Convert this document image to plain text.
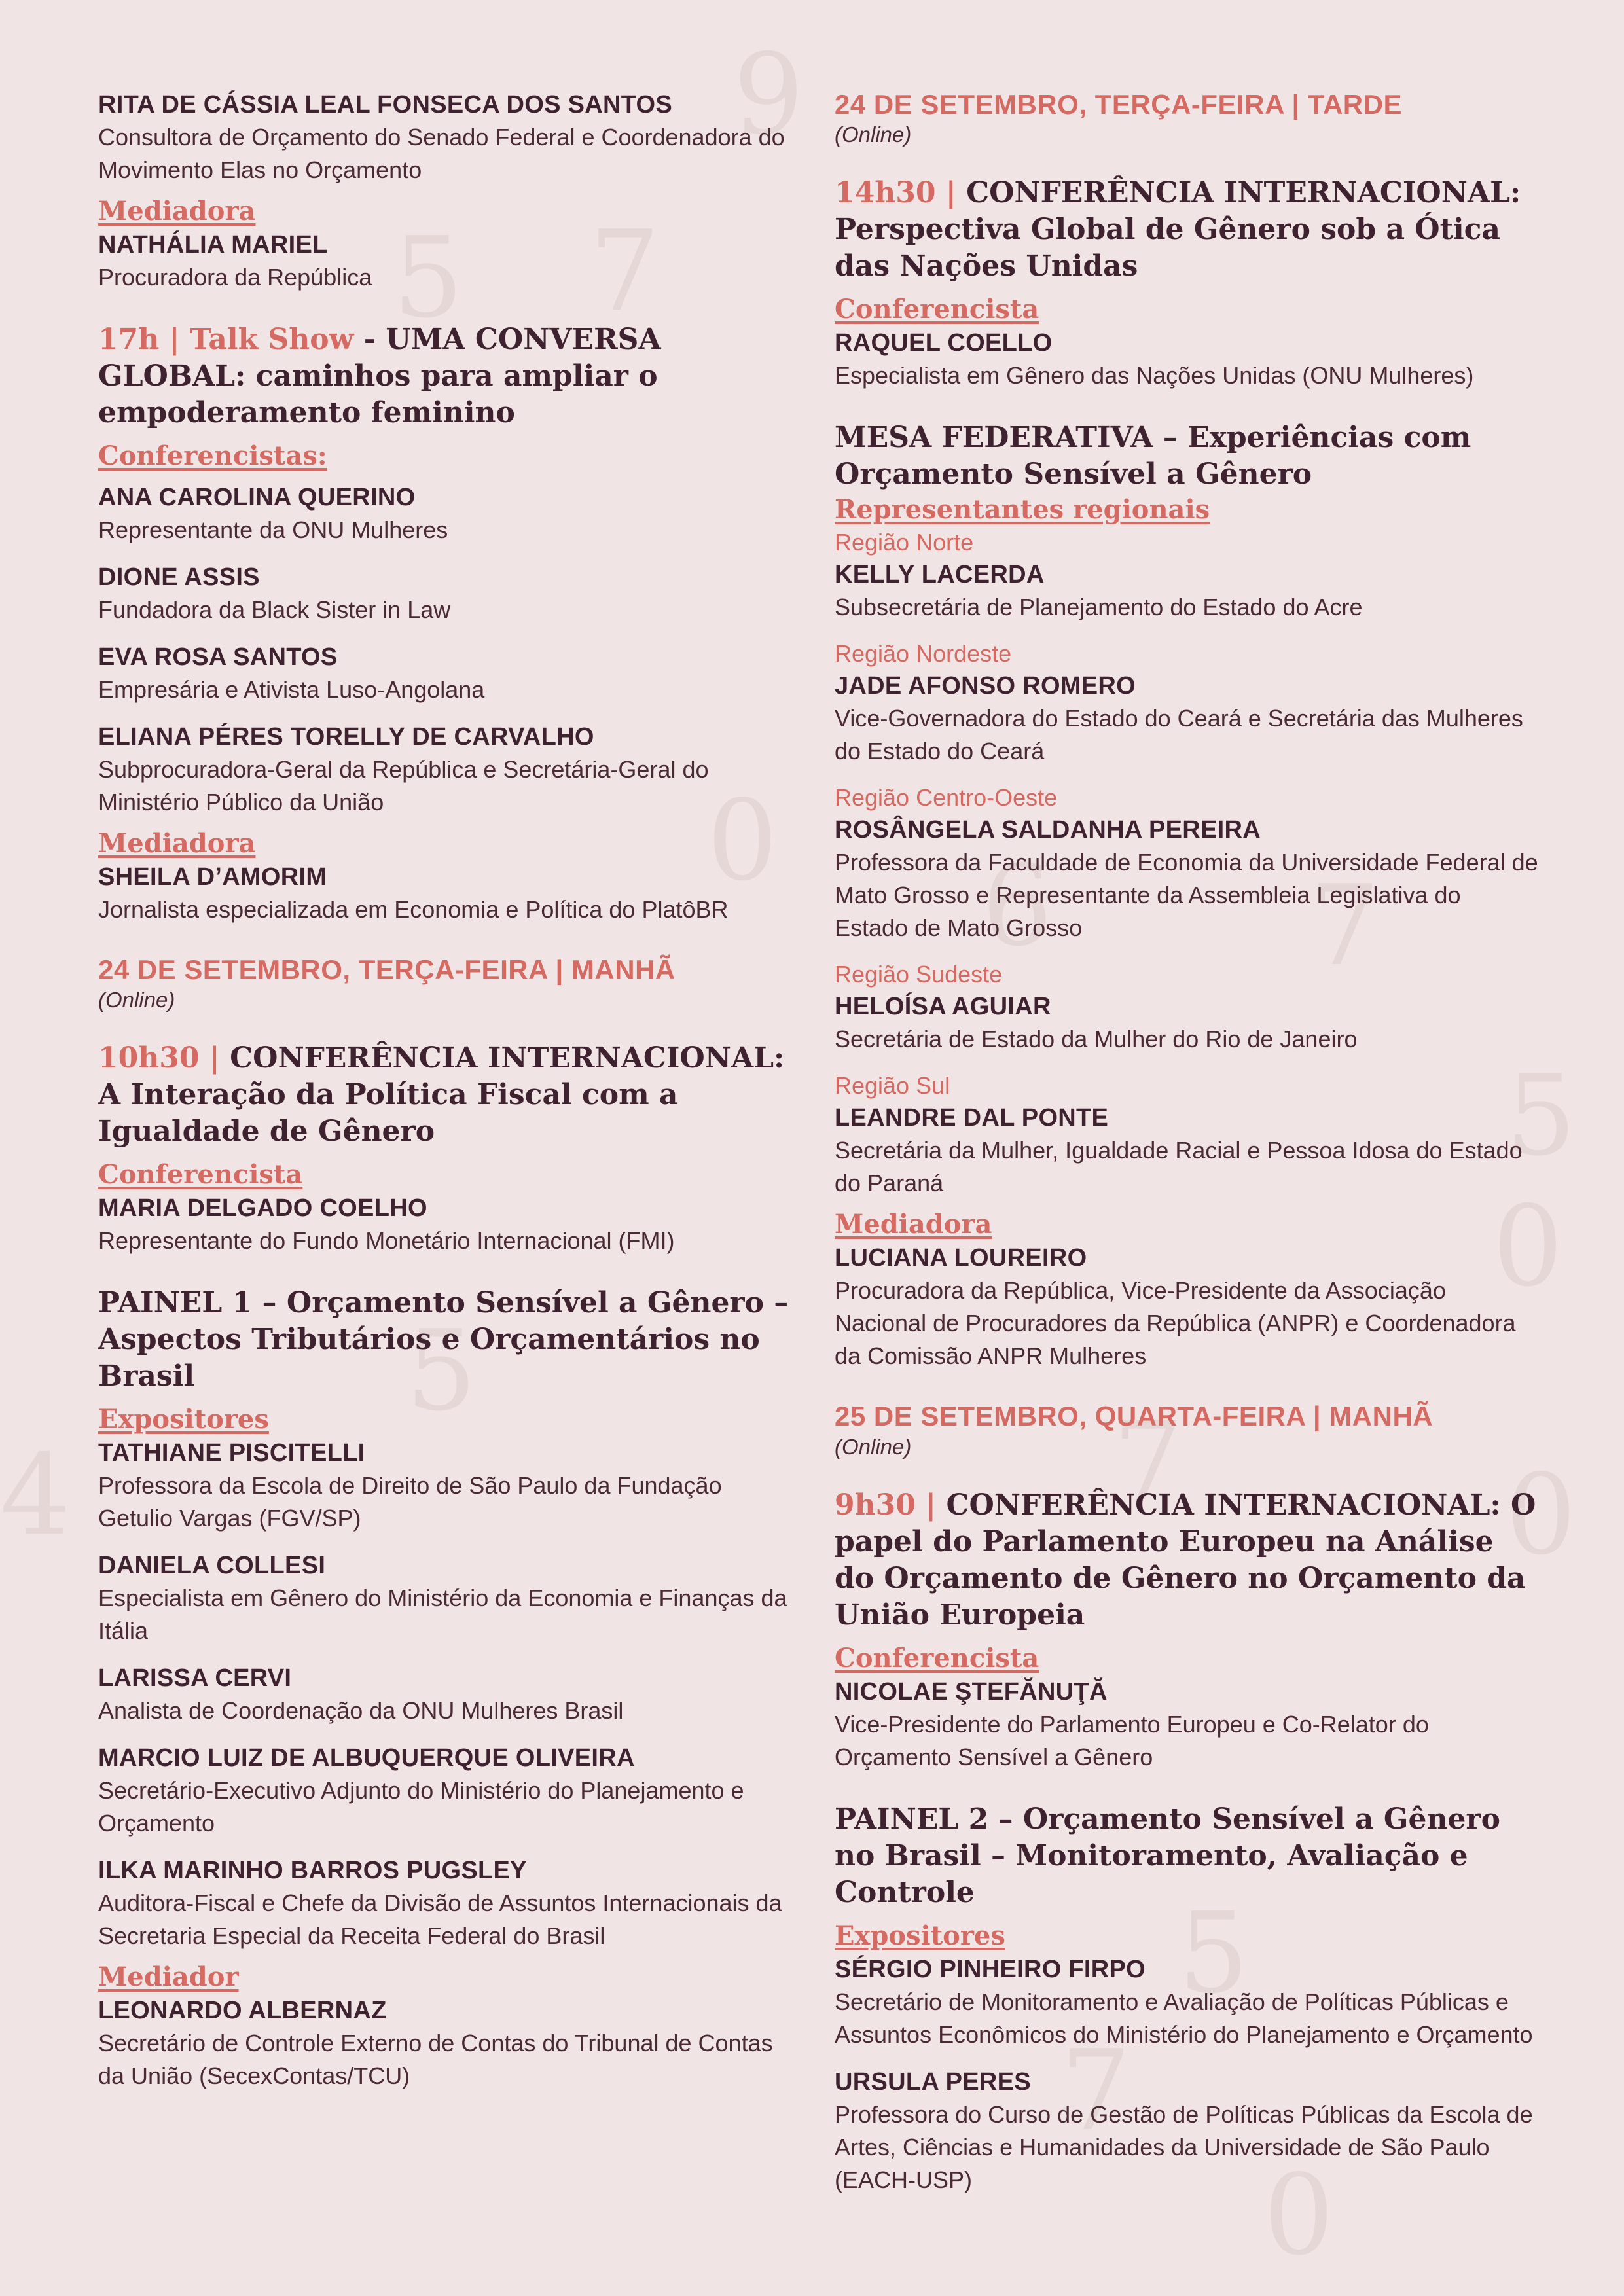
9
5 7
0
6 7
5
0
5
7	0
5
7
0
4

RITA DE CÁSSIA LEAL FONSECA DOS SANTOS

Consultora de Orçamento do Senado Federal e Coordenadora do Movimento Elas no Orçamento

Mediadora

NATHÁLIA MARIEL

Procuradora da República

17h | Talk Show - UMA CONVERSA GLOBAL: caminhos para ampliar o empoderamento feminino

Conferencistas:

ANA CAROLINA QUERINO

Representante da ONU Mulheres

DIONE ASSIS

Fundadora da Black Sister in Law

EVA ROSA SANTOS

Empresária e Ativista Luso-Angolana

ELIANA PÉRES TORELLY DE CARVALHO

Subprocuradora-Geral da República e Secretária-Geral do Ministério Público da União

Mediadora

SHEILA D’AMORIM

Jornalista especializada em Economia e Política do PlatôBR

24 DE SETEMBRO, TERÇA-FEIRA | MANHÃ

(Online)

10h30 | CONFERÊNCIA INTERNACIONAL: A Interação da Política Fiscal com a Igualdade de Gênero

Conferencista

MARIA DELGADO COELHO

Representante do Fundo Monetário Internacional (FMI)

PAINEL 1 – Orçamento Sensível a Gênero – Aspectos Tributários e Orçamentários no Brasil

Expositores

TATHIANE PISCITELLI

Professora da Escola de Direito de São Paulo da Fundação Getulio Vargas (FGV/SP)

DANIELA COLLESI

Especialista em Gênero do Ministério da Economia e Finanças da Itália

LARISSA CERVI

Analista de Coordenação da ONU Mulheres Brasil

MARCIO LUIZ DE ALBUQUERQUE OLIVEIRA

Secretário-Executivo Adjunto do Ministério do Planejamento e Orçamento

ILKA MARINHO BARROS PUGSLEY

Auditora-Fiscal e Chefe da Divisão de Assuntos Internacionais da Secretaria Especial da Receita Federal do Brasil

Mediador

LEONARDO ALBERNAZ

Secretário de Controle Externo de Contas do Tribunal de Contas da União (SecexContas/TCU)

24 DE SETEMBRO, TERÇA-FEIRA | TARDE

(Online)

14h30 | CONFERÊNCIA INTERNACIONAL: Perspectiva Global de Gênero sob a Ótica das Nações Unidas

Conferencista

RAQUEL COELLO

Especialista em Gênero das Nações Unidas (ONU Mulheres)

MESA FEDERATIVA – Experiências com Orçamento Sensível a Gênero

Representantes regionais

Região Norte

KELLY LACERDA

Subsecretária de Planejamento do Estado do Acre

Região Nordeste

JADE AFONSO ROMERO

Vice-Governadora do Estado do Ceará e Secretária das Mulheres do Estado do Ceará

Região Centro-Oeste

ROSÂNGELA SALDANHA PEREIRA

Professora da Faculdade de Economia da Universidade Federal de Mato Grosso e Representante da Assembleia Legislativa do Estado de Mato Grosso

Região Sudeste

HELOÍSA AGUIAR

Secretária de Estado da Mulher do Rio de Janeiro

Região Sul

LEANDRE DAL PONTE

Secretária da Mulher, Igualdade Racial e Pessoa Idosa do Estado do Paraná

Mediadora

LUCIANA LOUREIRO

Procuradora da República, Vice-Presidente da Associação Nacional de Procuradores da República (ANPR) e Coordenadora da Comissão ANPR Mulheres

25 DE SETEMBRO, QUARTA-FEIRA | MANHÃ

(Online)

9h30 | CONFERÊNCIA INTERNACIONAL: O papel do Parlamento Europeu na Análise do Orçamento de Gênero no Orçamento da União Europeia

Conferencista

NICOLAE ŞTEFĂNUŢĂ

Vice-Presidente do Parlamento Europeu e Co-Relator do Orçamento Sensível a Gênero

PAINEL 2 – Orçamento Sensível a Gênero no Brasil – Monitoramento, Avaliação e Controle

Expositores

SÉRGIO PINHEIRO FIRPO

Secretário de Monitoramento e Avaliação de Políticas Públicas e Assuntos Econômicos do Ministério do Planejamento e Orçamento

URSULA PERES

Professora do Curso de Gestão de Políticas Públicas da Escola de Artes, Ciências e Humanidades da Universidade de São Paulo (EACH-USP)
